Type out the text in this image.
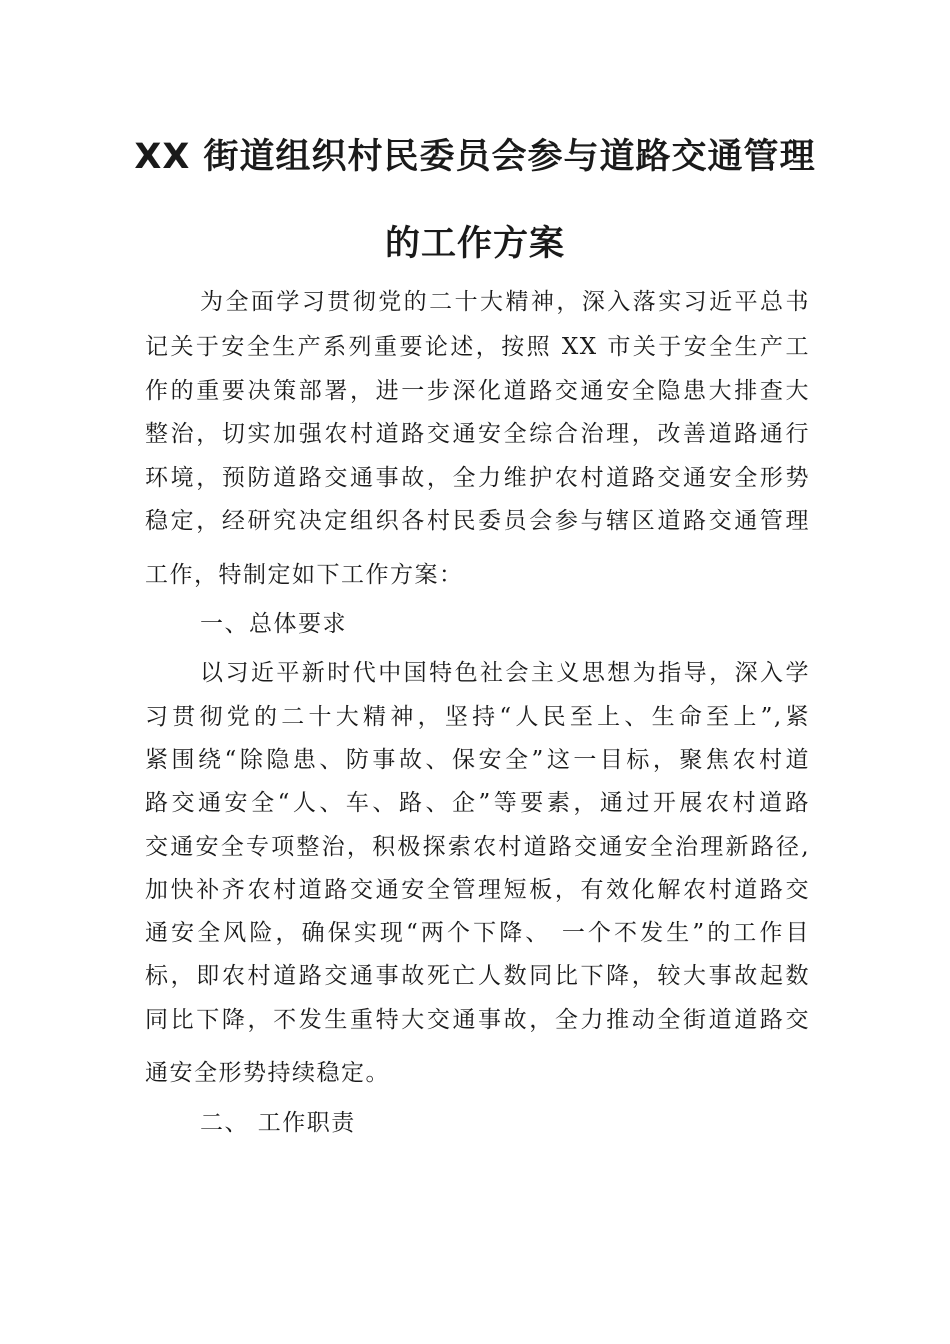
XX 街道组织村民委员会参与道路交通管理
的工作方案
为全面学习贯彻党的二十大精神，深入落实习近平总书
记关于安全生产系列重要论述，按照 XX 市关于安全生产工
作的重要决策部署，进一步深化道路交通安全隐患大排查大
整治，切实加强农村道路交通安全综合治理，改善道路通行
环境，预防道路交通事故，全力维护农村道路交通安全形势
稳定，经研究决定组织各村民委员会参与辖区道路交通管理
工作，特制定如下工作方案：
一、总体要求
以习近平新时代中国特色社会主义思想为指导，深入学
习贯彻党的二十大精神，坚持“人民至上、生命至上”,紧
紧围绕“除隐患、防事故、保安全”这一目标，聚焦农村道
路交通安全“人、车、路、企”等要素，通过开展农村道路
交通安全专项整治，积极探索农村道路交通安全治理新路径,
加快补齐农村道路交通安全管理短板，有效化解农村道路交
通安全风险，确保实现“两个下降、 一个不发生”的工作目
标，即农村道路交通事故死亡人数同比下降，较大事故起数
同比下降，不发生重特大交通事故，全力推动全街道道路交
通安全形势持续稳定。
二、 工作职责
